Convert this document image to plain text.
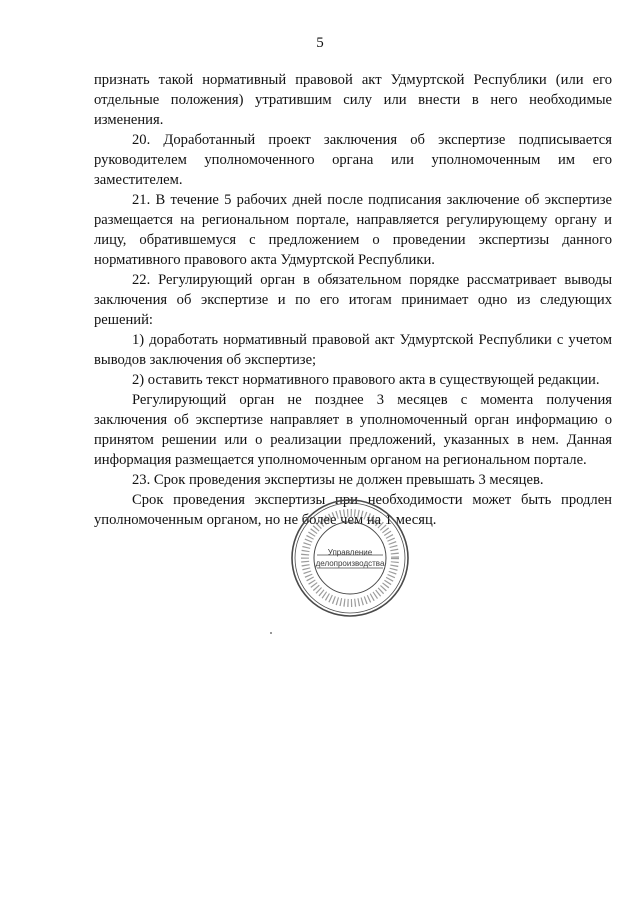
5

признать такой нормативный правовой акт Удмуртской Республики (или его отдельные положения) утратившим силу или внести в него необходимые изменения.

20. Доработанный проект заключения об экспертизе подписывается руководителем уполномоченного органа или уполномоченным им его заместителем.

21. В течение 5 рабочих дней после подписания заключение об экспертизе размещается на региональном портале, направляется регулирующему органу и лицу, обратившемуся с предложением о проведении экспертизы данного нормативного правового акта Удмуртской Республики.

22. Регулирующий орган в обязательном порядке рассматривает выводы заключения об экспертизе и по его итогам принимает одно из следующих решений:

1) доработать нормативный правовой акт Удмуртской Республики с учетом выводов заключения об экспертизе;

2) оставить текст нормативного правового акта в существующей редакции.

Регулирующий орган не позднее 3 месяцев с момента получения заключения об экспертизе направляет в уполномоченный орган информацию о принятом решении или о реализации предложений, указанных в нем. Данная информация размещается уполномоченным органом на региональном портале.

23. Срок проведения экспертизы не должен превышать 3 месяцев.

Срок проведения экспертизы при необходимости может быть продлен уполномоченным органом, но не более чем на 1 месяц.

Управление
делопроизводства
